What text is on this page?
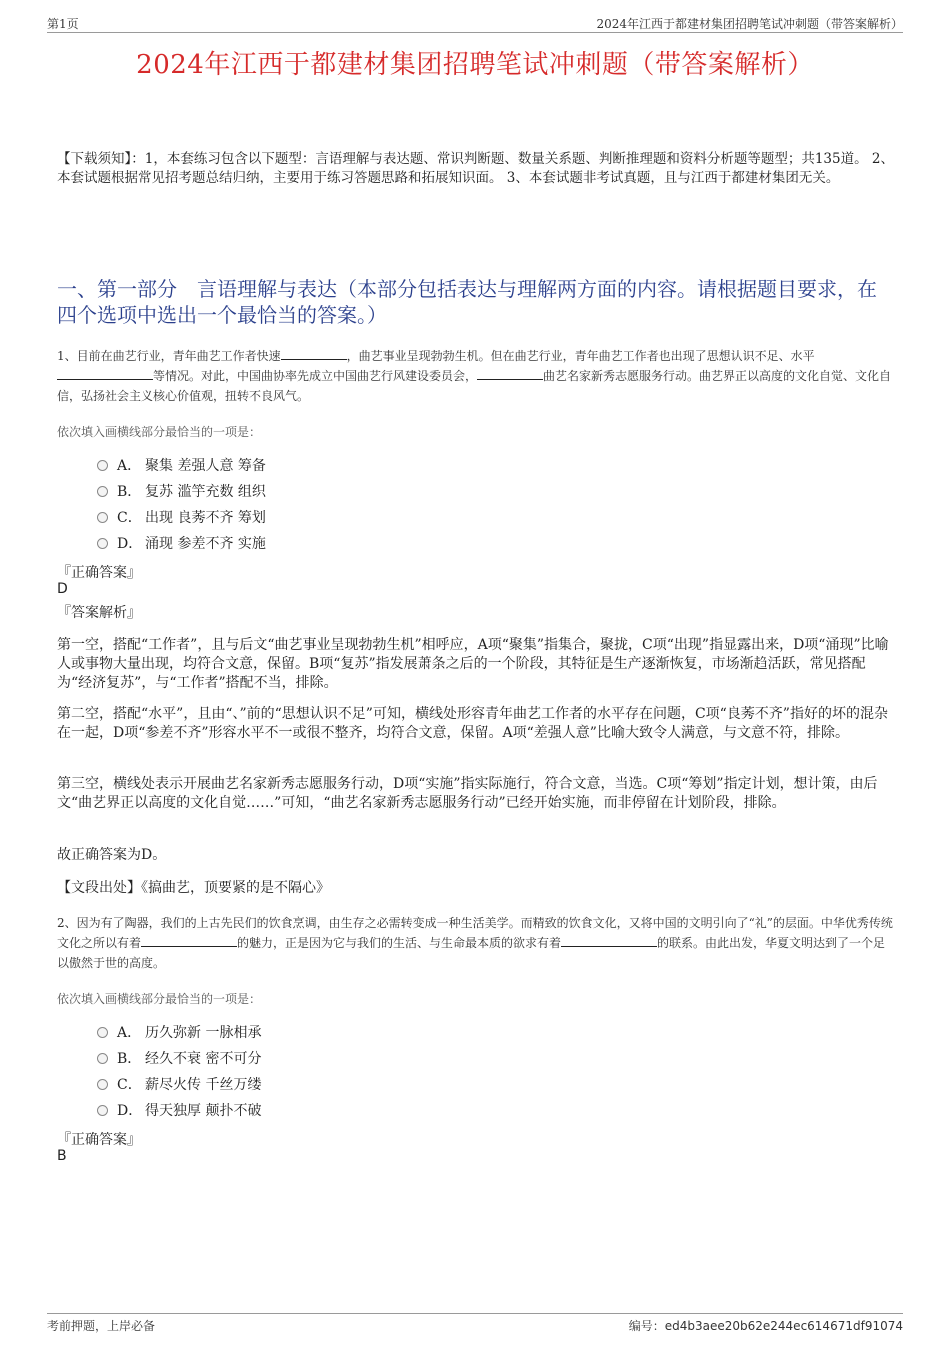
第1页	2024年江西于都建材集团招聘笔试冲刺题（带答案解析）
2024年江西于都建材集团招聘笔试冲刺题（带答案解析）
【下载须知】：1，本套练习包含以下题型：言语理解与表达题、常识判断题、数量关系题、判断推理题和资料分析题等题型；共135道。 2、本套试题根据常见招考题总结归纳，主要用于练习答题思路和拓展知识面。 3、本套试题非考试真题，且与江西于都建材集团无关。
一、第一部分　言语理解与表达（本部分包括表达与理解两方面的内容。请根据题目要求，在四个选项中选出一个最恰当的答案。）
1、目前在曲艺行业，青年曲艺工作者快速	，曲艺事业呈现勃勃生机。但在曲艺行业，青年曲艺工作者也出现了思想认识不足、水平等情况。对此，中国曲协率先成立中国曲艺行风建设委员会，	曲艺名家新秀志愿服务行动。曲艺界正以高度的文化自觉、文化自信，弘扬社会主义核心价值观，扭转不良风气。
依次填入画横线部分最恰当的一项是：
A． 聚集 差强人意 筹备
B． 复苏 滥竽充数 组织
C． 出现 良莠不齐 筹划
D． 涌现 参差不齐 实施
『正确答案』
D
『答案解析』
第一空，搭配“工作者”，且与后文“曲艺事业呈现勃勃生机”相呼应，A项“聚集”指集合，聚拢，C项“出现”指显露出来，D项“涌现”比喻人或事物大量出现，均符合文意，保留。B项“复苏”指发展萧条之后的一个阶段，其特征是生产逐渐恢复，市场渐趋活跃，常见搭配为“经济复苏”，与“工作者”搭配不当，排除。
第二空，搭配“水平”，且由“、”前的“思想认识不足”可知，横线处形容青年曲艺工作者的水平存在问题，C项“良莠不齐”指好的坏的混杂在一起，D项“参差不齐”形容水平不一或很不整齐，均符合文意，保留。A项“差强人意”比喻大致令人满意，与文意不符，排除。
第三空，横线处表示开展曲艺名家新秀志愿服务行动，D项“实施”指实际施行，符合文意，当选。C项“筹划”指定计划，想计策，由后文“曲艺界正以高度的文化自觉……”可知，“曲艺名家新秀志愿服务行动”已经开始实施，而非停留在计划阶段，排除。
故正确答案为D。
【文段出处】《搞曲艺，顶要紧的是不隔心》
2、因为有了陶器，我们的上古先民们的饮食烹调，由生存之必需转变成一种生活美学。而精致的饮食文化，又将中国的文明引向了“礼”的层面。中华优秀传统文化之所以有着	的魅力，正是因为它与我们的生活、与生命最本质的欲求有着	的联系。由此出发，华夏文明达到了一个足以傲然于世的高度。
依次填入画横线部分最恰当的一项是：
A． 历久弥新 一脉相承
B． 经久不衰 密不可分
C． 薪尽火传 千丝万缕
D． 得天独厚 颠扑不破
『正确答案』
B
考前押题，上岸必备	编号：ed4b3aee20b62e244ec614671df91074
